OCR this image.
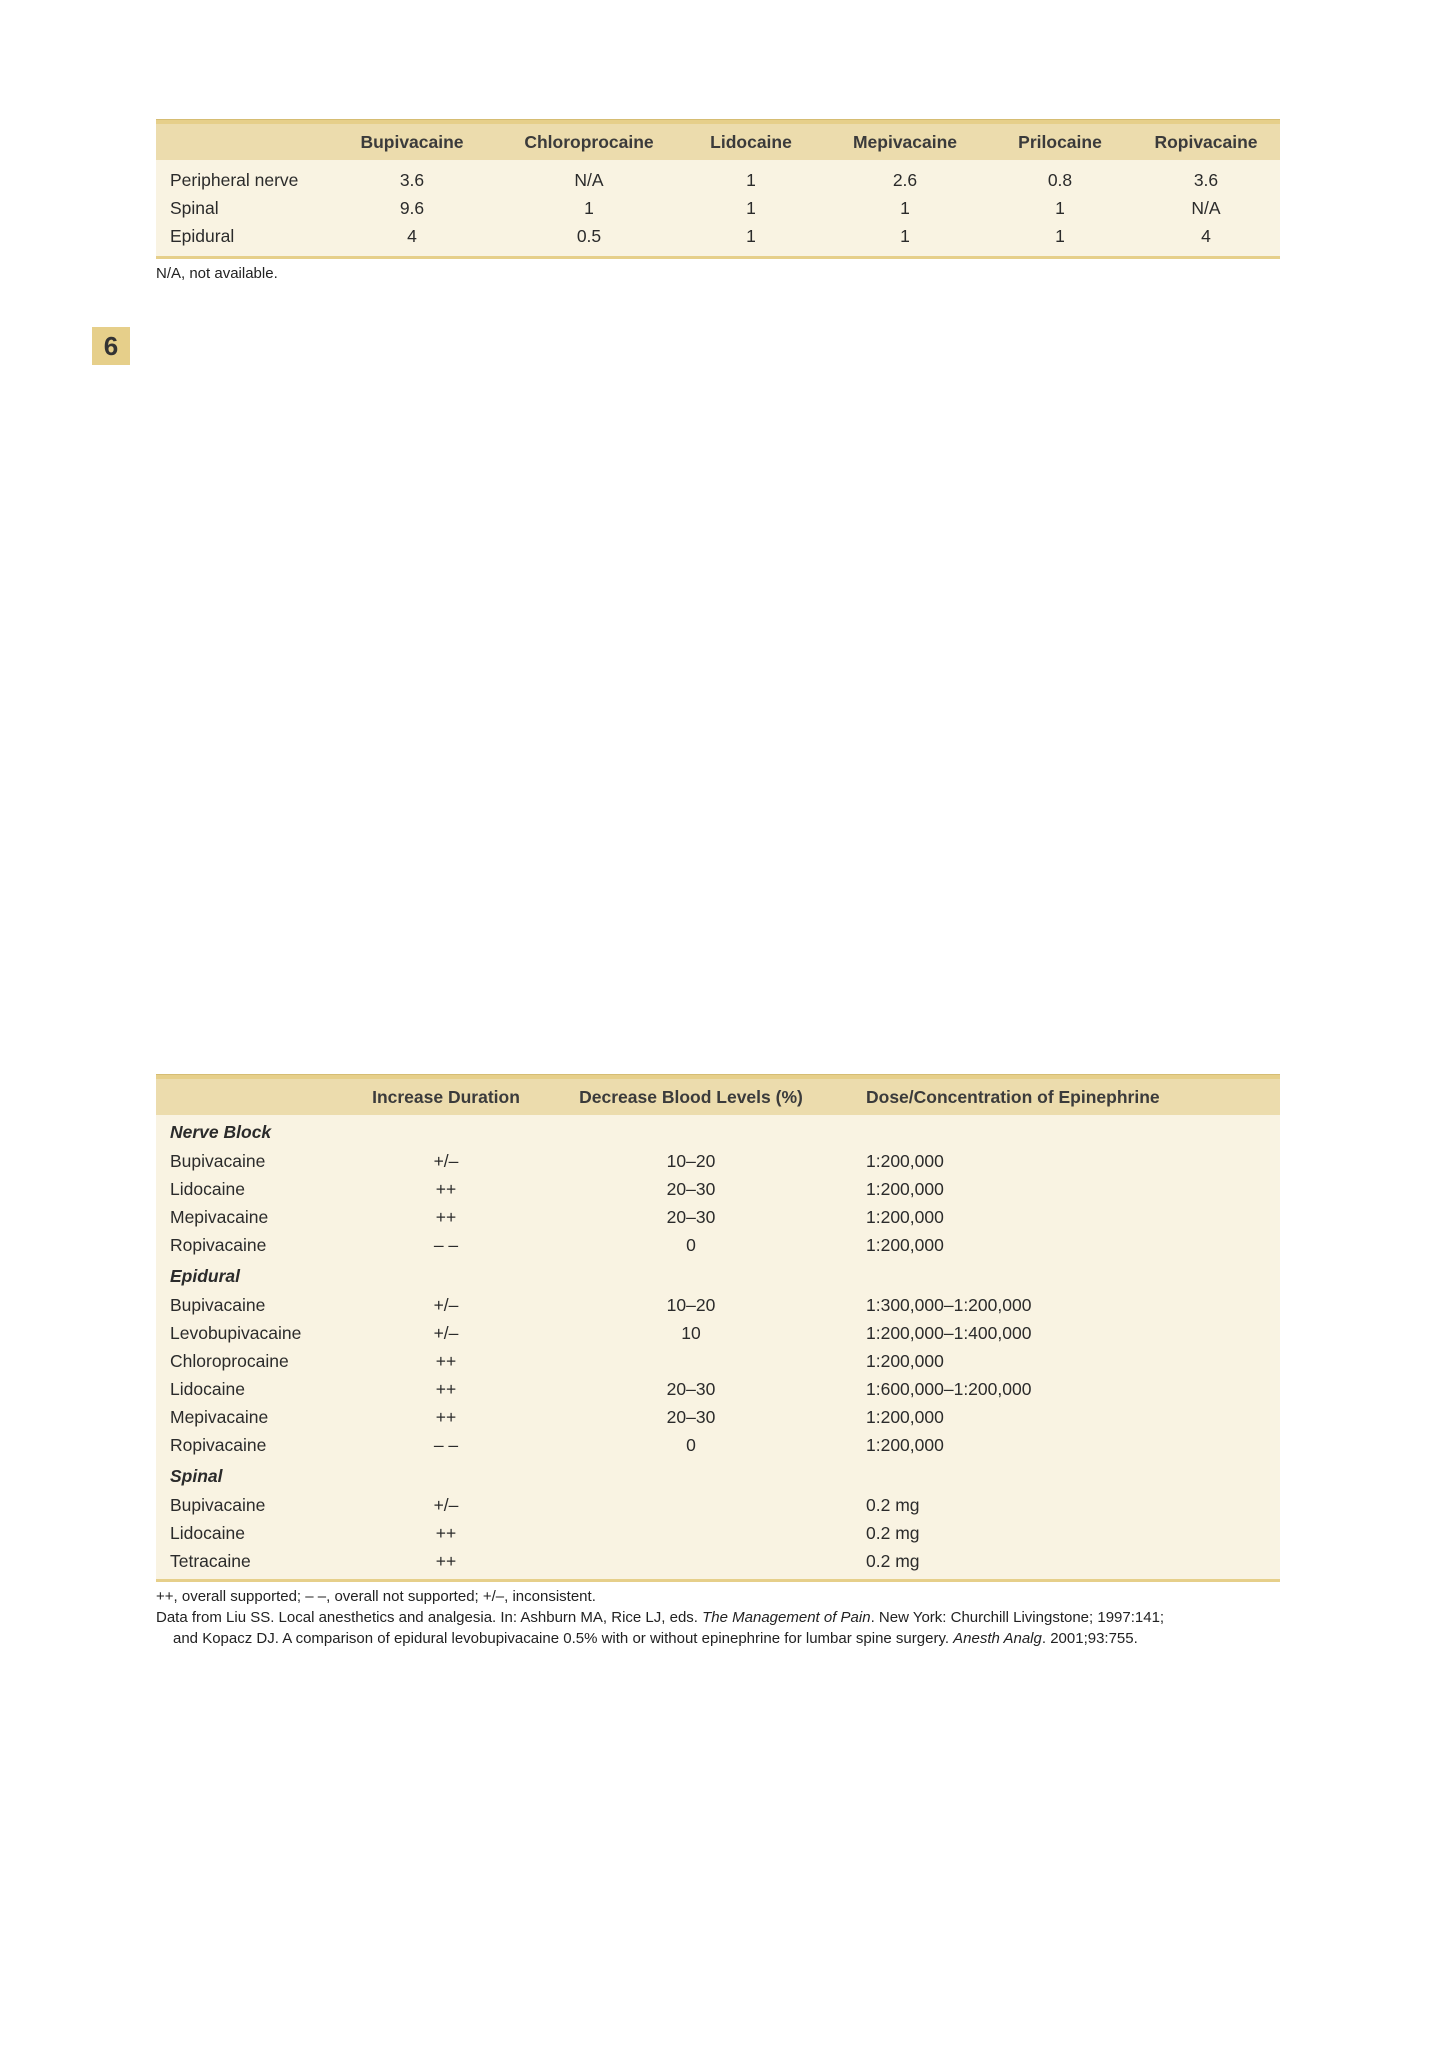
	Bupivacaine	Chloroprocaine	Lidocaine	Mepivacaine	Prilocaine	Ropivacaine

Peripheral nerve	3.6	N/A	1	2.6	0.8	3.6
Spinal	9.6	1	1	1	1	N/A
Epidural	4	0.5	1	1	1	4

N/A, not available.
6
	Increase Duration	Decrease Blood Levels (%)	Dose/Concentration of Epinephrine
Nerve Block			
Bupivacaine	+/–	10–20	1:200,000
Lidocaine	++	20–30	1:200,000
Mepivacaine	++	20–30	1:200,000
Ropivacaine	– –	0	1:200,000
Epidural			
Bupivacaine	+/–	10–20	1:300,000–1:200,000
Levobupivacaine	+/–	10	1:200,000–1:400,000
Chloroprocaine	++		1:200,000
Lidocaine	++	20–30	1:600,000–1:200,000
Mepivacaine	++	20–30	1:200,000
Ropivacaine	– –	0	1:200,000
Spinal			
Bupivacaine	+/–		0.2 mg
Lidocaine	++		0.2 mg
Tetracaine	++		0.2 mg

++, overall supported; – –, overall not supported; +/–, inconsistent.
Data from Liu SS. Local anesthetics and analgesia. In: Ashburn MA, Rice LJ, eds. The Management of Pain. New York: Churchill Livingstone; 1997:141;
and Kopacz DJ. A comparison of epidural levobupivacaine 0.5% with or without epinephrine for lumbar spine surgery. Anesth Analg. 2001;93:755.
